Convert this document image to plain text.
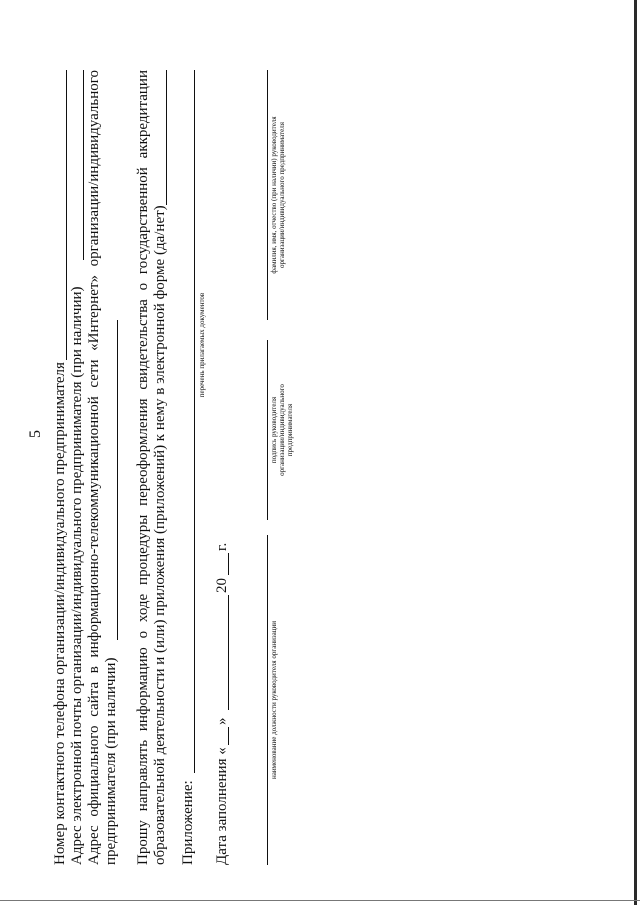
5 Номер контактного телефона организации/индивидуального предпринимателя Адрес электронной почты организации/индивидуального предпринимателя (при наличии) Адрес официального сайта в информационно-телекоммуникационной сети «Интернет» организации/индивидуального предпринимателя (при наличии) Прошу направлять информацию о ходе процедуры переоформления свидетельства о государственной аккредитации образовательной деятельности и (или) приложения (приложений) к нему в электронной форме (да/нет) Приложение:
перечень прилагаемых документов
Дата заполнения «
»
20
г.
наименование должности руководителя организации
подпись руководителя организации/индивидуального предпринимателя
фамилия, имя, отчество (при наличии) руководителя организации/индивидуального предпринимателя
